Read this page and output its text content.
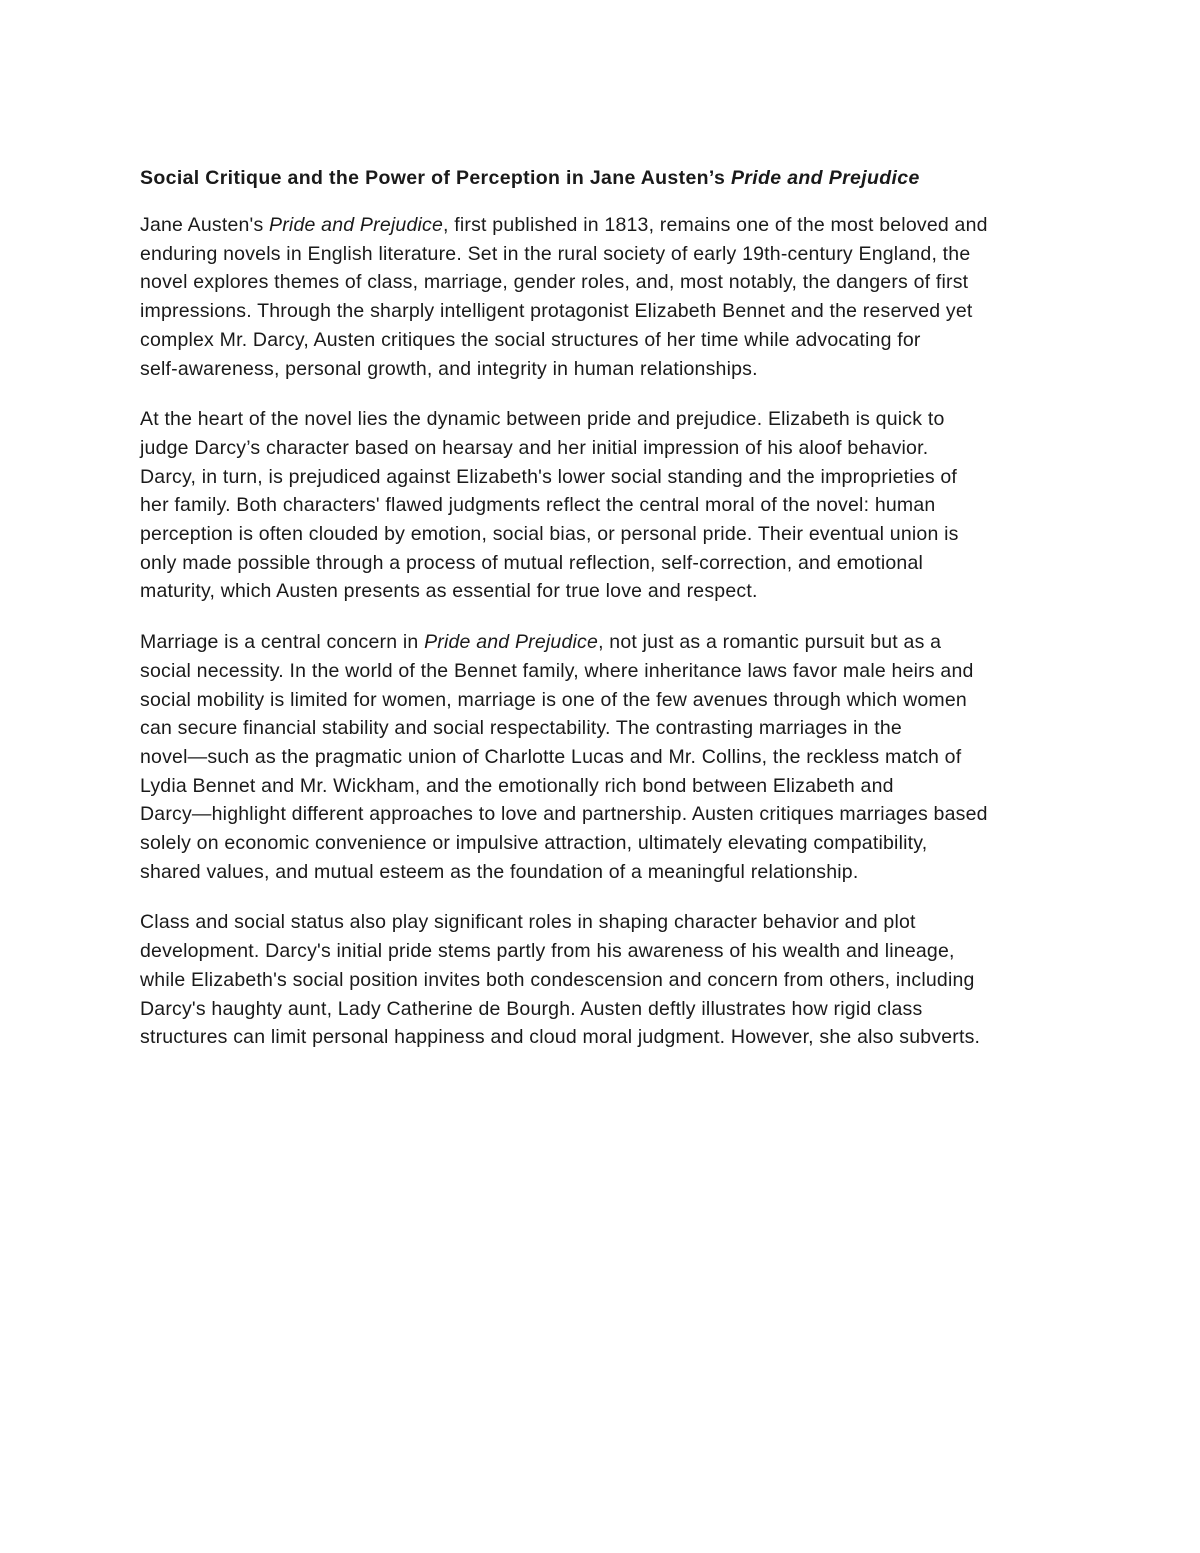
Social Critique and the Power of Perception in Jane Austen’s Pride and Prejudice

Jane Austen's Pride and Prejudice, first published in 1813, remains one of the most beloved and
enduring novels in English literature. Set in the rural society of early 19th-century England, the
novel explores themes of class, marriage, gender roles, and, most notably, the dangers of first
impressions. Through the sharply intelligent protagonist Elizabeth Bennet and the reserved yet
complex Mr. Darcy, Austen critiques the social structures of her time while advocating for
self-awareness, personal growth, and integrity in human relationships.

At the heart of the novel lies the dynamic between pride and prejudice. Elizabeth is quick to
judge Darcy’s character based on hearsay and her initial impression of his aloof behavior.
Darcy, in turn, is prejudiced against Elizabeth's lower social standing and the improprieties of
her family. Both characters' flawed judgments reflect the central moral of the novel: human
perception is often clouded by emotion, social bias, or personal pride. Their eventual union is
only made possible through a process of mutual reflection, self-correction, and emotional
maturity, which Austen presents as essential for true love and respect.

Marriage is a central concern in Pride and Prejudice, not just as a romantic pursuit but as a
social necessity. In the world of the Bennet family, where inheritance laws favor male heirs and
social mobility is limited for women, marriage is one of the few avenues through which women
can secure financial stability and social respectability. The contrasting marriages in the
novel—such as the pragmatic union of Charlotte Lucas and Mr. Collins, the reckless match of
Lydia Bennet and Mr. Wickham, and the emotionally rich bond between Elizabeth and
Darcy—highlight different approaches to love and partnership. Austen critiques marriages based
solely on economic convenience or impulsive attraction, ultimately elevating compatibility,
shared values, and mutual esteem as the foundation of a meaningful relationship.

Class and social status also play significant roles in shaping character behavior and plot
development. Darcy's initial pride stems partly from his awareness of his wealth and lineage,
while Elizabeth's social position invites both condescension and concern from others, including
Darcy's haughty aunt, Lady Catherine de Bourgh. Austen deftly illustrates how rigid class
structures can limit personal happiness and cloud moral judgment. However, she also subverts.
